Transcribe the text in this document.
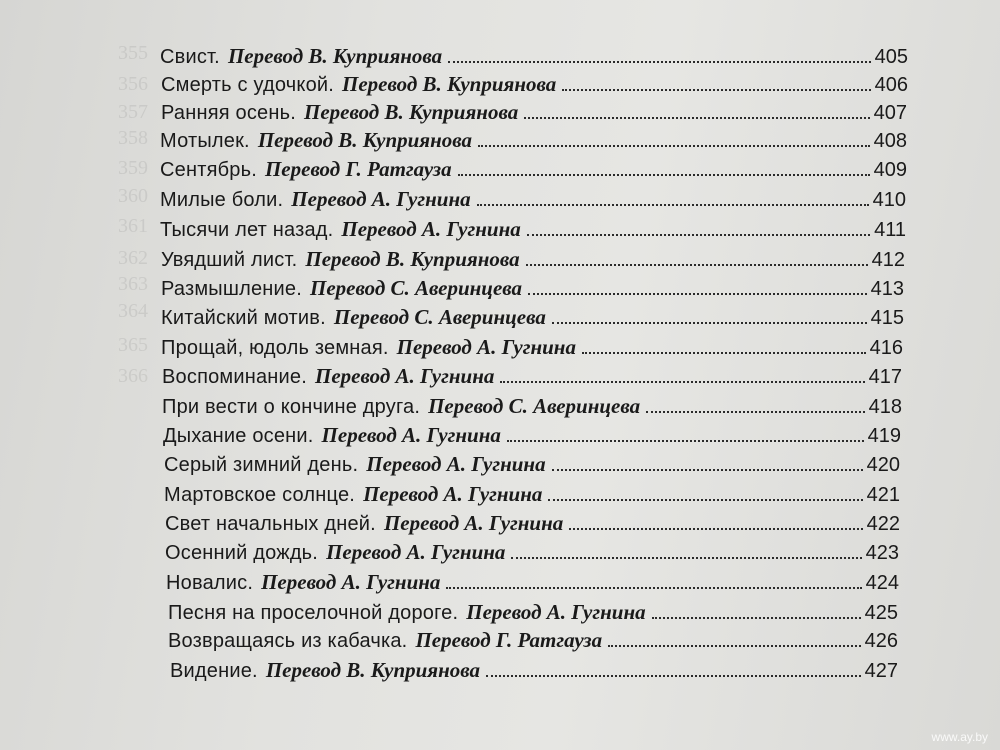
355
356
357
358
359
360
361
362
363
364
365
366
Свист. Перевод В. Куприянова	405
Смерть с удочкой. Перевод В. Куприянова	406
Ранняя осень. Перевод В. Куприянова	407
Мотылек. Перевод В. Куприянова	408
Сентябрь. Перевод Г. Ратгауза	409
Милые боли. Перевод А. Гугнина	410
Тысячи лет назад. Перевод А. Гугнина	411
Увядший лист. Перевод В. Куприянова	412
Размышление. Перевод С. Аверинцева	413
Китайский мотив. Перевод С. Аверинцева	415
Прощай, юдоль земная. Перевод А. Гугнина	416
Воспоминание. Перевод А. Гугнина	417
При вести о кончине друга. Перевод С. Аверинцева	418
Дыхание осени. Перевод А. Гугнина	419
Серый зимний день. Перевод А. Гугнина	420
Мартовское солнце. Перевод А. Гугнина	421
Свет начальных дней. Перевод А. Гугнина	422
Осенний дождь. Перевод А. Гугнина	423
Новалис. Перевод А. Гугнина	424
Песня на проселочной дороге. Перевод А. Гугнина	425
Возвращаясь из кабачка. Перевод Г. Ратгауза	426
Видение. Перевод В. Куприянова	427
www.ay.by
